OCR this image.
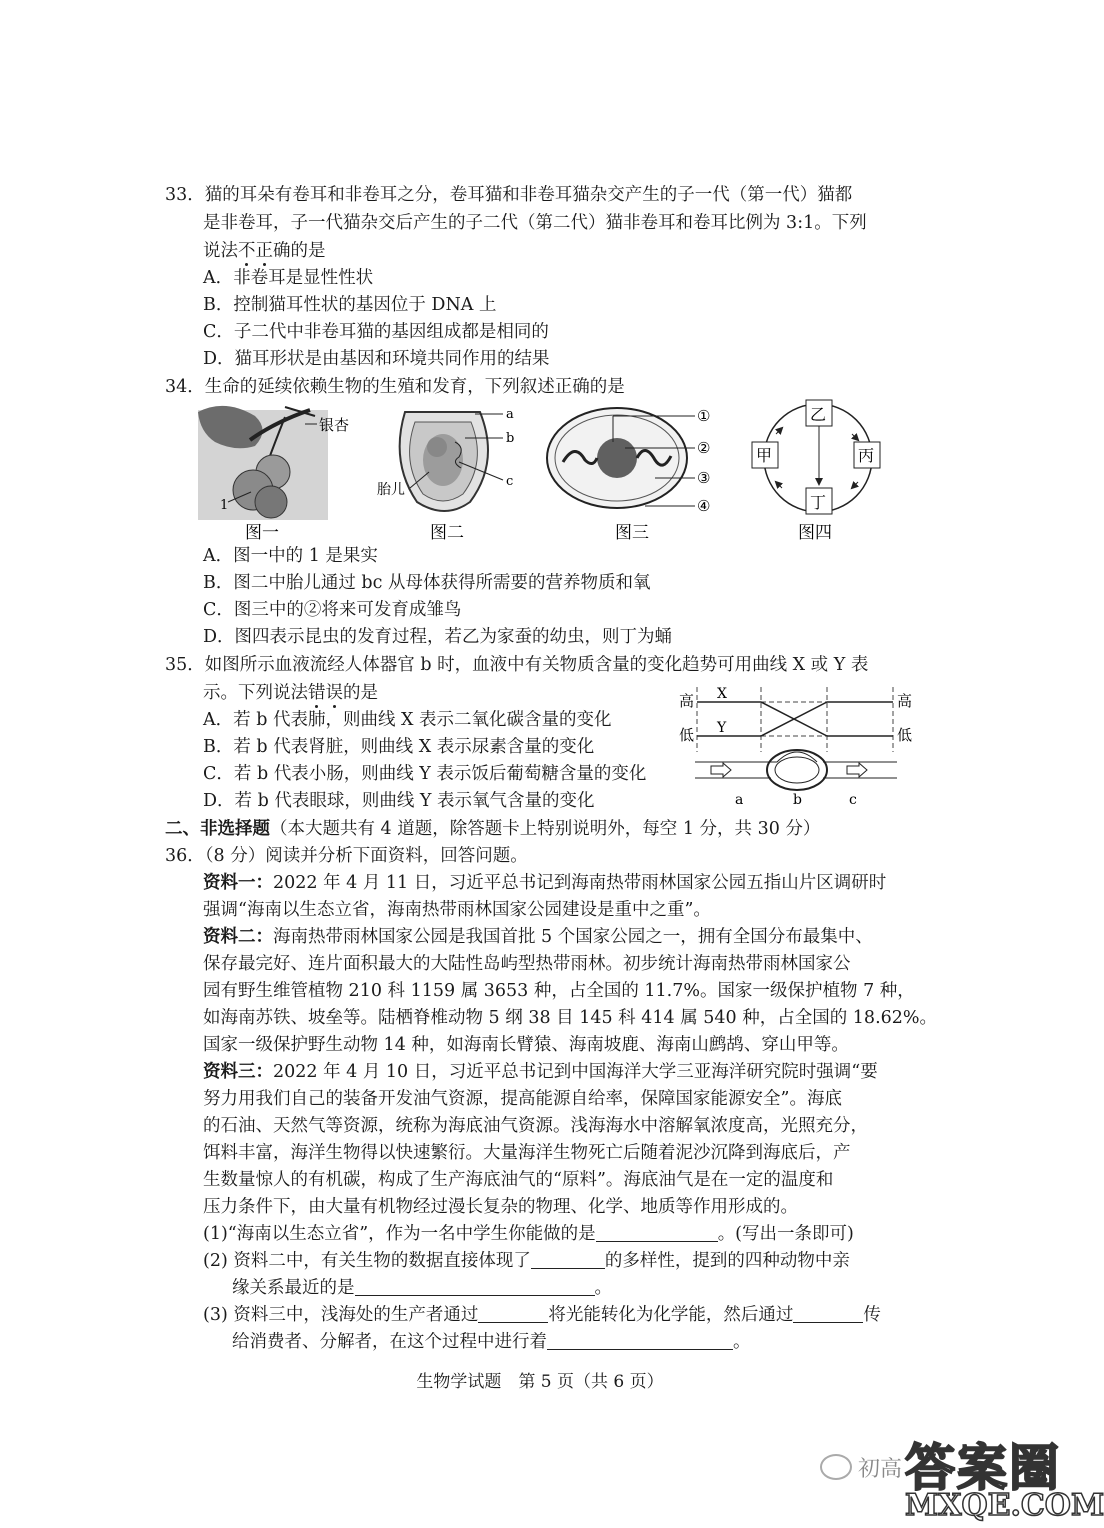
33．猫的耳朵有卷耳和非卷耳之分，卷耳猫和非卷耳猫杂交产生的子一代（第一代）猫都
是非卷耳，子一代猫杂交后产生的子二代（第二代）猫非卷耳和卷耳比例为 3:1。下列
说法不正确的是
A．非卷耳是显性性状
B．控制猫耳性状的基因位于 DNA 上
C．子二代中非卷耳猫的基因组成都是相同的
D．猫耳形状是由基因和环境共同作用的结果
34．生命的延续依赖生物的生殖和发育，下列叙述正确的是
银杏
1
图一
a
b
c
胎儿
图二
①
②
③
④
图三
乙
甲	丙
丁
图四
A．图一中的 1 是果实
B．图二中胎儿通过 bc 从母体获得所需要的营养物质和氧
C．图三中的②将来可发育成雏鸟
D．图四表示昆虫的发育过程，若乙为家蚕的幼虫，则丁为蛹
35．如图所示血液流经人体器官 b 时，血液中有关物质含量的变化趋势可用曲线 X 或 Y 表
示。下列说法错误的是
A．若 b 代表肺，则曲线 X 表示二氧化碳含量的变化
B．若 b 代表肾脏，则曲线 X 表示尿素含量的变化
C．若 b 代表小肠，则曲线 Y 表示饭后葡萄糖含量的变化
D．若 b 代表眼球，则曲线 Y 表示氧气含量的变化
高
低
高
低
X
Y
a	b	c
二、非选择题（本大题共有 4 道题，除答题卡上特别说明外，每空 1 分，共 30 分）
36．（8 分）阅读并分析下面资料，回答问题。
资料一：2022 年 4 月 11 日，习近平总书记到海南热带雨林国家公园五指山片区调研时
强调“海南以生态立省，海南热带雨林国家公园建设是重中之重”。
资料二：海南热带雨林国家公园是我国首批 5 个国家公园之一，拥有全国分布最集中、
保存最完好、连片面积最大的大陆性岛屿型热带雨林。初步统计海南热带雨林国家公
园有野生维管植物 210 科 1159 属 3653 种，占全国的 11.7%。国家一级保护植物 7 种，
如海南苏铁、坡垒等。陆栖脊椎动物 5 纲 38 目 145 科 414 属 540 种，占全国的 18.62%。
国家一级保护野生动物 14 种，如海南长臂猿、海南坡鹿、海南山鹧鸪、穿山甲等。
资料三：2022 年 4 月 10 日，习近平总书记到中国海洋大学三亚海洋研究院时强调“要
努力用我们自己的装备开发油气资源，提高能源自给率，保障国家能源安全”。海底
的石油、天然气等资源，统称为海底油气资源。浅海海水中溶解氧浓度高，光照充分，
饵料丰富，海洋生物得以快速繁衍。大量海洋生物死亡后随着泥沙沉降到海底后，产
生数量惊人的有机碳，构成了生产海底油气的“原料”。海底油气是在一定的温度和
压力条件下，由大量有机物经过漫长复杂的物理、化学、地质等作用形成的。
(1)“海南以生态立省”，作为一名中学生你能做的是	。(写出一条即可)
(2) 资料二中，有关生物的数据直接体现了	的多样性，提到的四种动物中亲
缘关系最近的是	。
(3) 资料三中，浅海处的生产者通过	将光能转化为化学能，然后通过	传
给消费者、分解者，在这个过程中进行着	。
生物学试题　第 5 页（共 6 页）
初高 答案圈
MXQE.COM
